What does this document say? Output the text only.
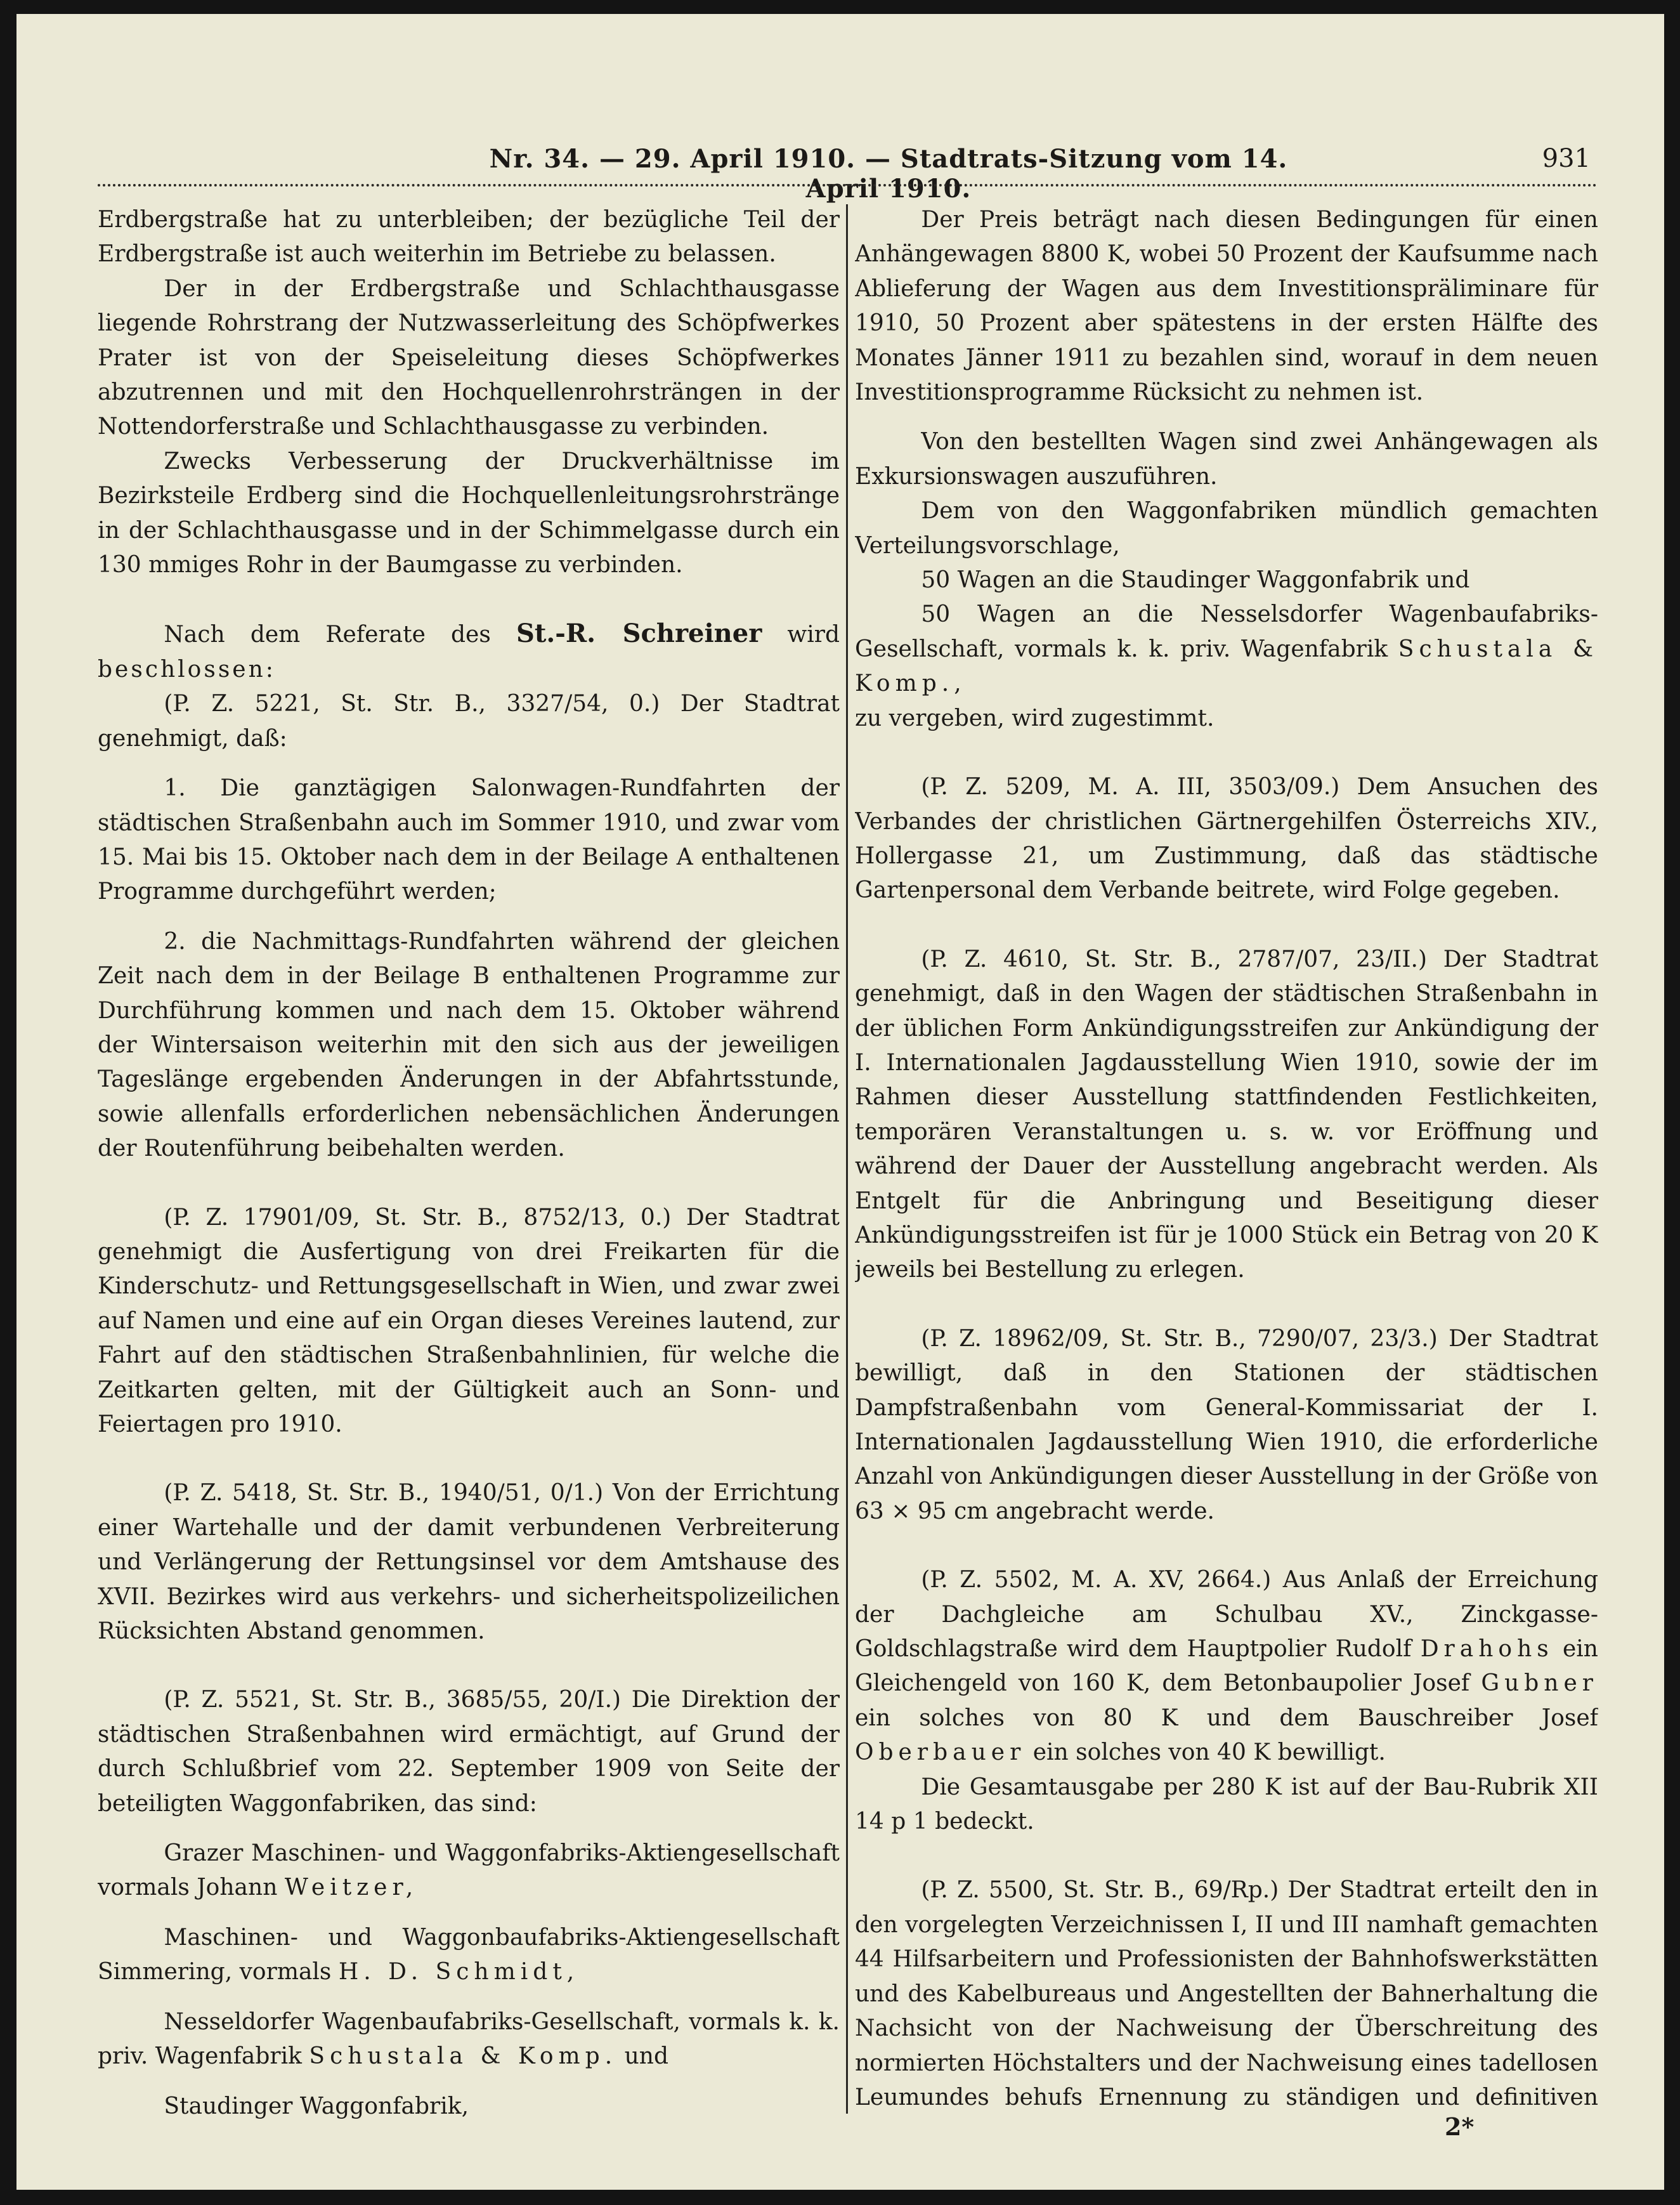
Nr. 34. — 29. April 1910. — Stadtrats-Sitzung vom 14. April 1910.
931

Erdbergstraße hat zu unterbleiben; der bezügliche Teil der Erdbergstraße ist auch weiterhin im Betriebe zu belassen.

Der in der Erdbergstraße und Schlachthausgasse liegende Rohrstrang der Nutzwasserleitung des Schöpfwerkes Prater ist von der Speiseleitung dieses Schöpfwerkes abzutrennen und mit den Hochquellenrohrsträngen in der Nottendorferstraße und Schlachthausgasse zu verbinden.

Zwecks Verbesserung der Druckverhältnisse im Bezirksteile Erdberg sind die Hochquellenleitungsrohrstränge in der Schlachthausgasse und in der Schimmelgasse durch ein 130 mmiges Rohr in der Baumgasse zu verbinden.

Nach dem Referate des St.-R. Schreiner wird beschlossen:

(P. Z. 5221, St. Str. B., 3327/54, 0.) Der Stadtrat genehmigt, daß:

1. Die ganztägigen Salonwagen-Rundfahrten der städtischen Straßenbahn auch im Sommer 1910, und zwar vom 15. Mai bis 15. Oktober nach dem in der Beilage A enthaltenen Programme durchgeführt werden;

2. die Nachmittags-Rundfahrten während der gleichen Zeit nach dem in der Beilage B enthaltenen Programme zur Durchführung kommen und nach dem 15. Oktober während der Wintersaison weiterhin mit den sich aus der jeweiligen Tageslänge ergebenden Änderungen in der Abfahrtsstunde, sowie allenfalls erforderlichen nebensächlichen Änderungen der Routenführung beibehalten werden.

(P. Z. 17901/09, St. Str. B., 8752/13, 0.) Der Stadtrat genehmigt die Ausfertigung von drei Freikarten für die Kinderschutz- und Rettungsgesellschaft in Wien, und zwar zwei auf Namen und eine auf ein Organ dieses Vereines lautend, zur Fahrt auf den städtischen Straßenbahnlinien, für welche die Zeitkarten gelten, mit der Gültigkeit auch an Sonn- und Feiertagen pro 1910.

(P. Z. 5418, St. Str. B., 1940/51, 0/1.) Von der Errichtung einer Wartehalle und der damit verbundenen Verbreiterung und Verlängerung der Rettungsinsel vor dem Amtshause des XVII. Bezirkes wird aus verkehrs- und sicherheitspolizeilichen Rücksichten Abstand genommen.

(P. Z. 5521, St. Str. B., 3685/55, 20/I.) Die Direktion der städtischen Straßenbahnen wird ermächtigt, auf Grund der durch Schlußbrief vom 22. September 1909 von Seite der beteiligten Waggonfabriken, das sind:

Grazer Maschinen- und Waggonfabriks-Aktiengesellschaft vormals Johann Weitzer,

Maschinen- und Waggonbaufabriks-Aktiengesellschaft Simmering, vormals H. D. Schmidt,

Nesseldorfer Wagenbaufabriks-Gesellschaft, vormals k. k. priv. Wagenfabrik Schustala & Komp. und

Staudinger Waggonfabrik,

Der Preis beträgt nach diesen Bedingungen für einen Anhängewagen 8800 K, wobei 50 Prozent der Kaufsumme nach Ablieferung der Wagen aus dem Investitionspräliminare für 1910, 50 Prozent aber spätestens in der ersten Hälfte des Monates Jänner 1911 zu bezahlen sind, worauf in dem neuen Investitionsprogramme Rücksicht zu nehmen ist.

Von den bestellten Wagen sind zwei Anhängewagen als Exkursionswagen auszuführen.

Dem von den Waggonfabriken mündlich gemachten Verteilungsvorschlage,

50 Wagen an die Staudinger Waggonfabrik und

50 Wagen an die Nesselsdorfer Wagenbaufabriks-Gesellschaft, vormals k. k. priv. Wagenfabrik Schustala & Komp.,

zu vergeben, wird zugestimmt.

(P. Z. 5209, M. A. III, 3503/09.) Dem Ansuchen des Verbandes der christlichen Gärtnergehilfen Österreichs XIV., Hollergasse 21, um Zustimmung, daß das städtische Gartenpersonal dem Verbande beitrete, wird Folge gegeben.

(P. Z. 4610, St. Str. B., 2787/07, 23/II.) Der Stadtrat genehmigt, daß in den Wagen der städtischen Straßenbahn in der üblichen Form Ankündigungsstreifen zur Ankündigung der I. Internationalen Jagdausstellung Wien 1910, sowie der im Rahmen dieser Ausstellung stattfindenden Festlichkeiten, temporären Veranstaltungen u. s. w. vor Eröffnung und während der Dauer der Ausstellung angebracht werden. Als Entgelt für die Anbringung und Beseitigung dieser Ankündigungsstreifen ist für je 1000 Stück ein Betrag von 20 K jeweils bei Bestellung zu erlegen.

(P. Z. 18962/09, St. Str. B., 7290/07, 23/3.) Der Stadtrat bewilligt, daß in den Stationen der städtischen Dampfstraßenbahn vom General-Kommissariat der I. Internationalen Jagdausstellung Wien 1910, die erforderliche Anzahl von Ankündigungen dieser Ausstellung in der Größe von 63 × 95 cm angebracht werde.

(P. Z. 5502, M. A. XV, 2664.) Aus Anlaß der Erreichung der Dachgleiche am Schulbau XV., Zinckgasse-Goldschlagstraße wird dem Hauptpolier Rudolf Drahohs ein Gleichengeld von 160 K, dem Betonbaupolier Josef Gubner ein solches von 80 K und dem Bauschreiber Josef Oberbauer ein solches von 40 K bewilligt.

Die Gesamtausgabe per 280 K ist auf der Bau-Rubrik XII 14 p 1 bedeckt.

(P. Z. 5500, St. Str. B., 69/Rp.) Der Stadtrat erteilt den in den vorgelegten Verzeichnissen I, II und III namhaft gemachten 44 Hilfsarbeitern und Professionisten der Bahnhofswerkstätten und des Kabelbureaus und Angestellten der Bahnerhaltung die Nachsicht von der Nachweisung der Überschreitung des normierten Höchstalters und der Nachweisung eines tadellosen Leumundes behufs Ernennung zu ständigen und definitiven

2*
